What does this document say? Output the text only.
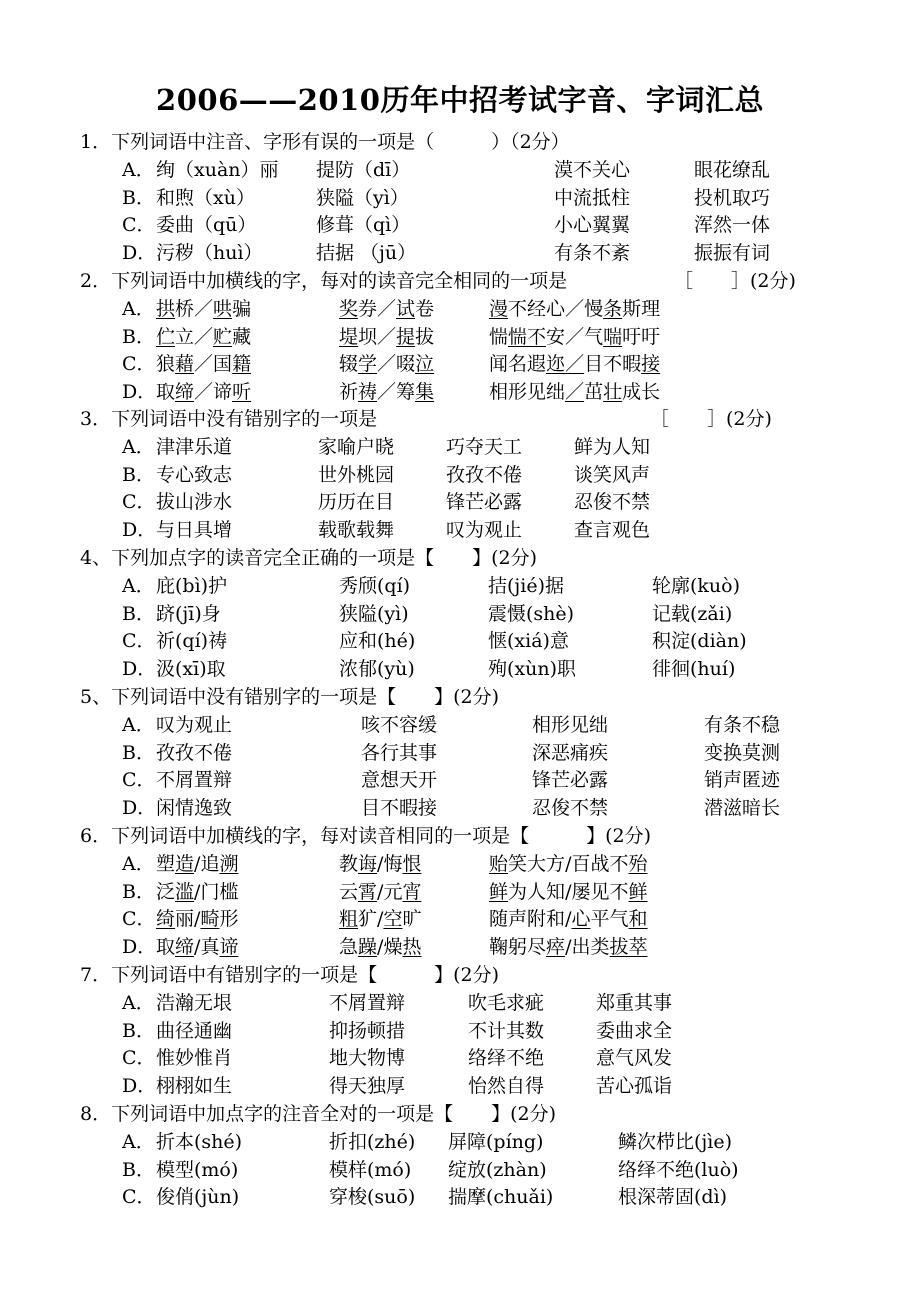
2006——2010历年中招考试字音、字词汇总
1．下列词语中注音、字形有误的一项是（　　　）（2分）
A． 绚（xuàn）丽 提防（dī）	漠不关心	眼花缭乱
B． 和煦（xù）	狭隘（yì）	中流抵柱	投机取巧
C． 委曲（qū）	修葺（qì）	小心翼翼	浑然一体
D． 污秽（huì）	拮据 （jū）	有条不紊	振振有词
2．下列词语中加横线的字，每对的读音完全相同的一项是	［　　］(2分)
A． 拱桥／哄骗	奖券／试卷	漫不经心／慢条斯理
B． 伫立／贮藏	堤坝／提拔	惴惴不安／气喘吁吁
C． 狼藉／国籍	辍学／啜泣	闻名遐迩／目不暇接
D． 取缔／谛听	祈祷／筹集	相形见绌／茁壮成长
3．下列词语中没有错别字的一项是	［　　］(2分)
A． 津津乐道	家喻户晓	巧夺天工	鲜为人知
B． 专心致志	世外桃园	孜孜不倦	谈笑风声
C． 拔山涉水	历历在目	锋芒必露	忍俊不禁
D． 与日具增	载歌载舞	叹为观止	查言观色
4、下列加点字的读音完全正确的一项是【　　】(2分)
A． 庇(bì)护	秀颀(qí)	拮(jié)据	轮廓(kuò)
B． 跻(jī)身	狭隘(yì)	震慑(shè)	记载(zǎi)
C． 祈(qí)祷	应和(hé)	惬(xiá)意	积淀(diàn)
D． 汲(xī)取	浓郁(yù)	殉(xùn)职	徘徊(huí)
5、下列词语中没有错别字的一项是【　　】(2分)
A． 叹为观止	咳不容缓	相形见绌	有条不稳
B． 孜孜不倦	各行其事	深恶痛疾	变换莫测
C． 不屑置辩	意想天开	锋芒必露	销声匿迹
D． 闲情逸致	目不暇接	忍俊不禁	潜滋暗长
6．下列词语中加横线的字，每对读音相同的一项是【　　　】(2分)
A． 塑造/追溯	教诲/悔恨	贻笑大方/百战不殆
B． 泛滥/门槛	云霄/元宵	鲜为人知/屡见不鲜
C． 绮丽/畸形	粗犷/空旷	随声附和/心平气和
D． 取缔/真谛	急躁/燥热	鞠躬尽瘁/出类拔萃
7．下列词语中有错别字的一项是【　　　】(2分)
A． 浩瀚无垠	不屑置辩	吹毛求疵	郑重其事
B． 曲径通幽	抑扬顿措	不计其数	委曲求全
C． 惟妙惟肖	地大物博	络绎不绝	意气风发
D． 栩栩如生	得天独厚	怡然自得	苦心孤诣
8．下列词语中加点字的注音全对的一项是【　　】(2分)
A． 折本(shé)	折扣(zhé) 屏障(píng)	鳞次栉比(jìe)
B． 模型(mó)	模样(mó) 绽放(zhàn)	络绎不绝(luò)
C． 俊俏(jùn)	穿梭(suō) 揣摩(chuǎi)	根深蒂固(dì)
